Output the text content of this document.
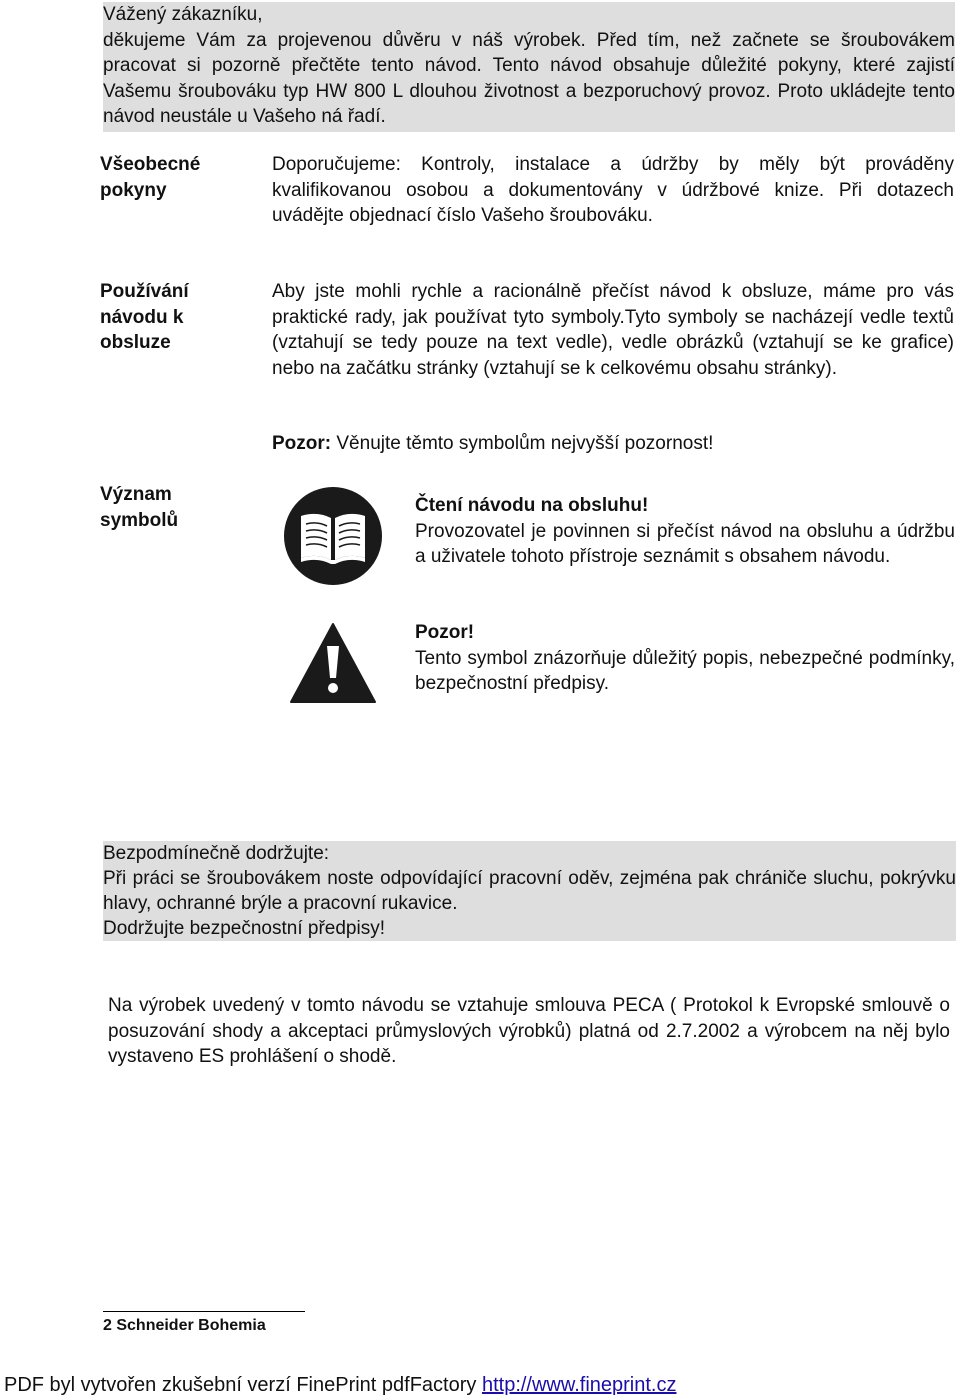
Vážený zákazníku,

děkujeme Vám za projevenou důvěru v náš výrobek. Před tím, než začnete se šroubovákem pracovat si pozorně přečtěte tento návod. Tento návod obsahuje důležité pokyny, které zajistí Vašemu šroubováku typ HW 800 L dlouhou životnost a bezporuchový provoz. Proto ukládejte tento návod neustále u Vašeho ná řadí.

Všeobecné pokyny
Doporučujeme: Kontroly, instalace a údržby by měly být prováděny kvalifikovanou osobou a dokumentovány v údržbové knize. Při dotazech uvádějte objednací číslo Vašeho šroubováku.
Používání návodu k obsluze
Aby jste mohli rychle a racionálně přečíst návod k obsluze, máme pro vás praktické rady, jak používat tyto symboly.Tyto symboly se nacházejí vedle textů (vztahují se tedy pouze na text vedle), vedle obrázků (vztahují se ke grafice) nebo na začátku stránky (vztahují se k celkovému obsahu stránky).
Pozor: Věnujte těmto symbolům nejvyšší pozornost!
Význam symbolů
Čtení návodu na obsluhu!
Provozovatel je povinnen si přečíst návod na obsluhu a údržbu a uživatele tohoto přístroje seznámit s obsahem návodu.
Pozor!
Tento symbol znázorňuje důležitý popis, nebezpečné podmínky, bezpečnostní předpisy.

Bezpodmínečně dodržujte:

Při práci se šroubovákem noste odpovídající pracovní oděv, zejména pak chrániče sluchu, pokrývku hlavy, ochranné brýle a pracovní rukavice.

Dodržujte bezpečnostní předpisy!

Na výrobek uvedený v tomto návodu se vztahuje smlouva PECA ( Protokol k Evropské smlouvě o posuzování shody a akceptaci průmyslových výrobků) platná od 2.7.2002 a výrobcem na něj bylo vystaveno ES prohlášení o shodě.
2 Schneider Bohemia
PDF byl vytvořen zkušební verzí FinePrint pdfFactory http://www.fineprint.cz
